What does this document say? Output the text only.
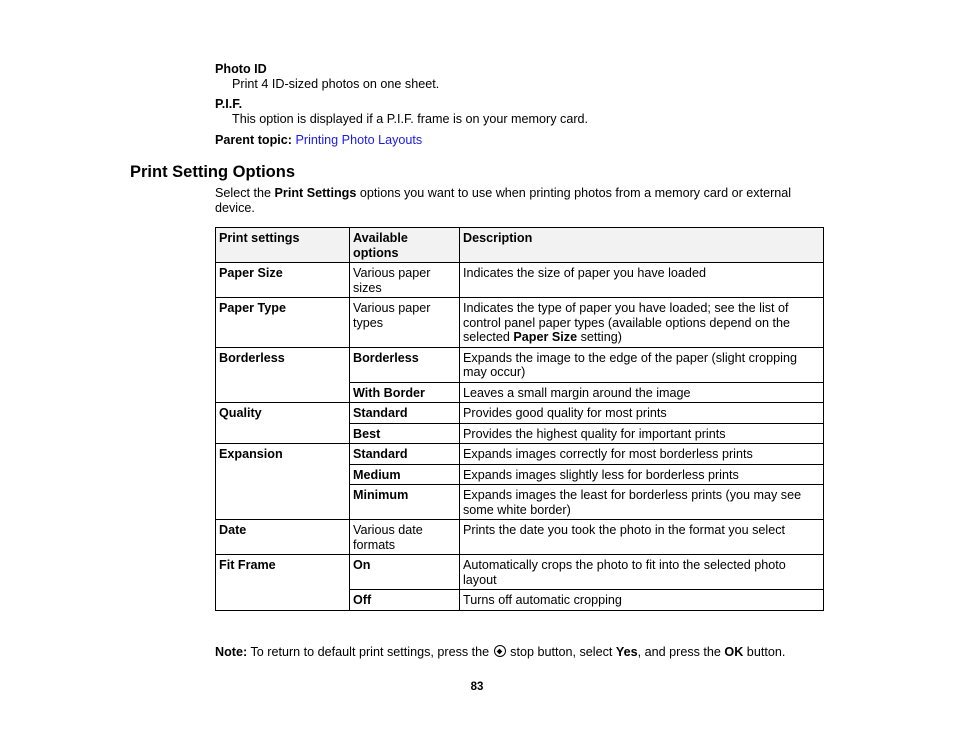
Photo ID
Print 4 ID-sized photos on one sheet.
P.I.F.
This option is displayed if a P.I.F. frame is on your memory card.
Parent topic: Printing Photo Layouts
Print Setting Options
Select the Print Settings options you want to use when printing photos from a memory card or external
device.
Print settings	Available options	Description
Paper Size	Various paper sizes	Indicates the size of paper you have loaded
Paper Type	Various paper types	Indicates the type of paper you have loaded; see the list of control panel paper types (available options depend on the selected Paper Size setting)
Borderless	Borderless	Expands the image to the edge of the paper (slight cropping may occur)
	With Border	Leaves a small margin around the image
Quality	Standard	Provides good quality for most prints
	Best	Provides the highest quality for important prints
Expansion	Standard	Expands images correctly for most borderless prints
	Medium	Expands images slightly less for borderless prints
	Minimum	Expands images the least for borderless prints (you may see some white border)
Date	Various date formats	Prints the date you took the photo in the format you select
Fit Frame	On	Automatically crops the photo to fit into the selected photo layout
	Off	Turns off automatic cropping
Note: To return to default print settings, press the  stop button, select Yes, and press the OK button.
83
